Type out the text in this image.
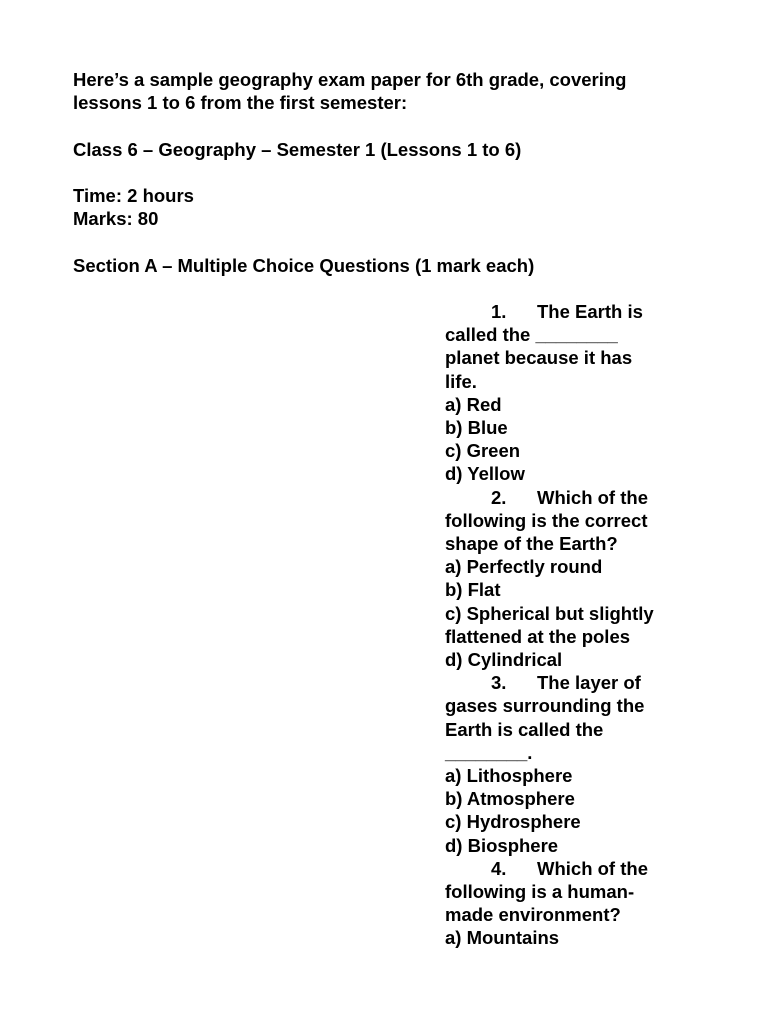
Here’s a sample geography exam paper for 6th grade, covering

lessons 1 to 6 from the first semester:

Class 6 – Geography – Semester 1 (Lessons 1 to 6)

Time: 2 hours

Marks: 80

Section A – Multiple Choice Questions (1 mark each)

1. The Earth is
called the ________
planet because it has
life.
a) Red
b) Blue
c) Green
d) Yellow
2. Which of the
following is the correct
shape of the Earth?
a) Perfectly round
b) Flat
c) Spherical but slightly
flattened at the poles
d) Cylindrical
3. The layer of
gases surrounding the
Earth is called the
________.
a) Lithosphere
b) Atmosphere
c) Hydrosphere
d) Biosphere
4. Which of the
following is a human-
made environment?
a) Mountains
